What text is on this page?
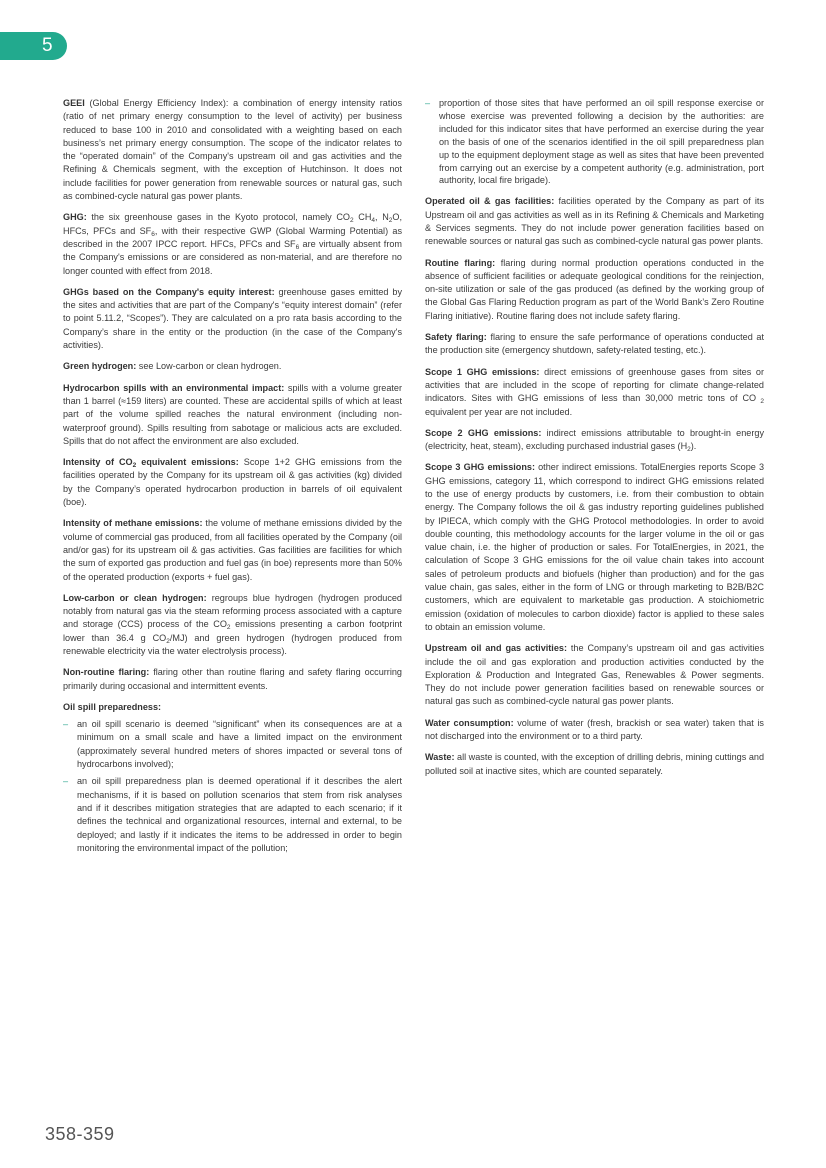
5

GEEI (Global Energy Efficiency Index): a combination of energy intensity ratios (ratio of net primary energy consumption to the level of activity) per business reduced to base 100 in 2010 and consolidated with a weighting based on each business’s net primary energy consumption. The scope of the indicator relates to the “operated domain” of the Company's upstream oil and gas activities and the Refining & Chemicals segment, with the exception of Hutchinson. It does not include facilities for power generation from renewable sources or natural gas, such as combined-cycle natural gas power plants.

GHG: the six greenhouse gases in the Kyoto protocol, namely $CO_2$ $CH_4$, $N_2O$, HFCs, PFCs and $SF_6$, with their respective GWP (Global Warming Potential) as described in the 2007 IPCC report. HFCs, PFCs and $SF_6$ are virtually absent from the Company's emissions or are considered as non-material, and are therefore no longer counted with effect from 2018.

GHGs based on the Company's equity interest: greenhouse gases emitted by the sites and activities that are part of the Company's “equity interest domain” (refer to point 5.11.2, “Scopes”). They are calculated on a pro rata basis according to the Company’s share in the entity or the production (in the case of the Company's activities).

Green hydrogen: see Low-carbon or clean hydrogen.

Hydrocarbon spills with an environmental impact: spills with a volume greater than 1 barrel (≈159 liters) are counted. These are accidental spills of which at least part of the volume spilled reaches the natural environment (including non-waterproof ground). Spills resulting from sabotage or malicious acts are excluded. Spills that do not affect the environment are also excluded.

Intensity of $CO_2$ equivalent emissions: Scope 1+2 GHG emissions from the facilities operated by the Company for its upstream oil & gas activities (kg) divided by the Company’s operated hydrocarbon production in barrels of oil equivalent (boe).

Intensity of methane emissions: the volume of methane emissions divided by the volume of commercial gas produced, from all facilities operated by the Company (oil and/or gas) for its upstream oil & gas activities. Gas facilities are facilities for which the sum of exported gas production and fuel gas (in boe) represents more than 50% of the operated production (exports + fuel gas).

Low-carbon or clean hydrogen: regroups blue hydrogen (hydrogen produced notably from natural gas via the steam reforming process associated with a capture and storage (CCS) process of the $CO_2$ emissions presenting a carbon footprint lower than 36.4 g $CO_2/MJ$) and green hydrogen (hydrogen produced from renewable electricity via the water electrolysis process).

Non-routine flaring: flaring other than routine flaring and safety flaring occurring primarily during occasional and intermittent events.

Oil spill preparedness:

– an oil spill scenario is deemed “significant” when its consequences are at a minimum on a small scale and have a limited impact on the environment (approximately several hundred meters of shores impacted or several tons of hydrocarbons involved);
– an oil spill preparedness plan is deemed operational if it describes the alert mechanisms, if it is based on pollution scenarios that stem from risk analyses and if it describes mitigation strategies that are adapted to each scenario; if it defines the technical and organizational resources, internal and external, to be deployed; and lastly if it indicates the items to be addressed in order to begin monitoring the environmental impact of the pollution;
– proportion of those sites that have performed an oil spill response exercise or whose exercise was prevented following a decision by the authorities: are included for this indicator sites that have performed an exercise during the year on the basis of one of the scenarios identified in the oil spill preparedness plan up to the equipment deployment stage as well as sites that have been prevented from carrying out an exercise by a competent authority (e.g. administration, port authority, local fire brigade).

Operated oil & gas facilities: facilities operated by the Company as part of its Upstream oil and gas activities as well as in its Refining & Chemicals and Marketing & Services segments. They do not include power generation facilities based on renewable sources or natural gas such as combined-cycle natural gas power plants.

Routine flaring: flaring during normal production operations conducted in the absence of sufficient facilities or adequate geological conditions for the reinjection, on-site utilization or sale of the gas produced (as defined by the working group of the Global Gas Flaring Reduction program as part of the World Bank’s Zero Routine Flaring initiative). Routine flaring does not include safety flaring.

Safety flaring: flaring to ensure the safe performance of operations conducted at the production site (emergency shutdown, safety-related testing, etc.).

Scope 1 GHG emissions: direct emissions of greenhouse gases from sites or activities that are included in the scope of reporting for climate change-related indicators. Sites with GHG emissions of less than 30,000 metric tons of CO $_2$ equivalent per year are not included.

Scope 2 GHG emissions: indirect emissions attributable to brought-in energy (electricity, heat, steam), excluding purchased industrial gases $(H_2)$.

Scope 3 GHG emissions: other indirect emissions. TotalEnergies reports Scope 3 GHG emissions, category 11, which correspond to indirect GHG emissions related to the use of energy products by customers, i.e. from their combustion to obtain energy. The Company follows the oil & gas industry reporting guidelines published by IPIECA, which comply with the GHG Protocol methodologies. In order to avoid double counting, this methodology accounts for the larger volume in the oil or gas value chain, i.e. the higher of production or sales. For TotalEnergies, in 2021, the calculation of Scope 3 GHG emissions for the oil value chain takes into account sales of petroleum products and biofuels (higher than production) and for the gas value chain, gas sales, either in the form of LNG or through marketing to B2B/B2C customers, which are equivalent to marketable gas production. A stoichiometric emission (oxidation of molecules to carbon dioxide) factor is applied to these sales to obtain an emission volume.

Upstream oil and gas activities: the Company’s upstream oil and gas activities include the oil and gas exploration and production activities conducted by the Exploration & Production and Integrated Gas, Renewables & Power segments. They do not include power generation facilities based on renewable sources or natural gas such as combined-cycle natural gas power plants.

Water consumption: volume of water (fresh, brackish or sea water) taken that is not discharged into the environment or to a third party.

Waste: all waste is counted, with the exception of drilling debris, mining cuttings and polluted soil at inactive sites, which are counted separately.

358-359
